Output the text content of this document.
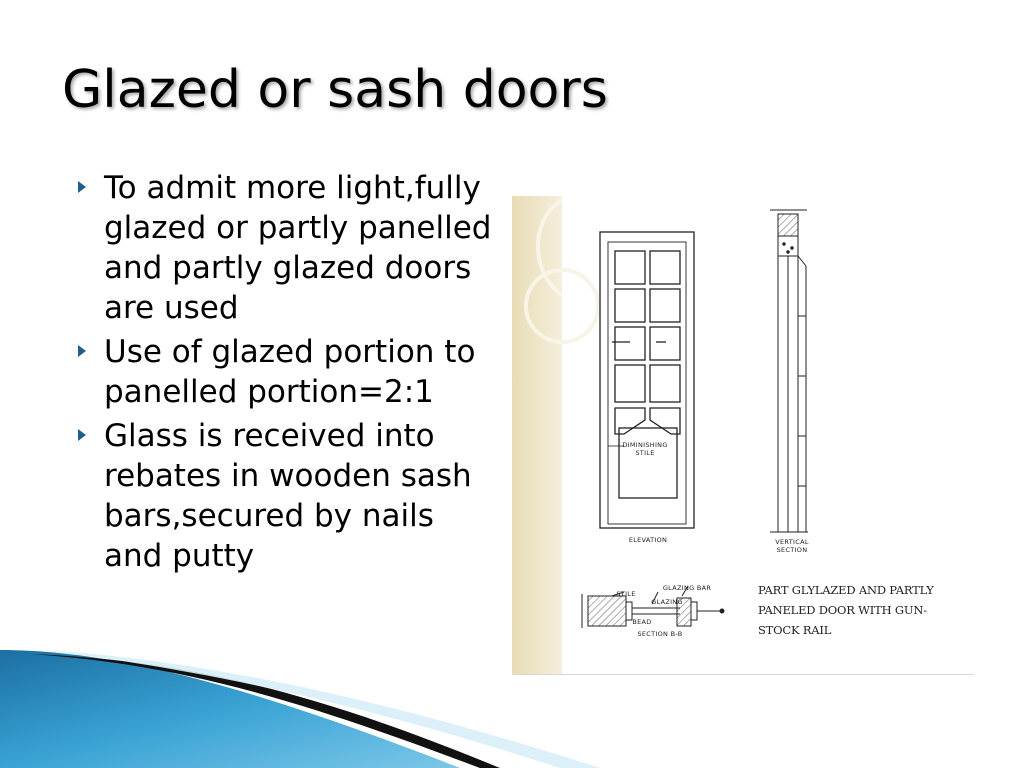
Glazed or sash doors
To admit more light,fully glazed or partly panelled and partly glazed doors are used
Use of glazed portion to panelled portion=2:1
Glass is received into rebates in wooden sash bars,secured by nails and putty
DIMINISHING STILE
ELEVATION	VERTICAL SECTION
GLAZING BAR
STILE
GLAZING
BEAD
SECTION B-B
PART GLYLAZED AND PARTLY PANELED DOOR WITH GUN-STOCK RAIL
